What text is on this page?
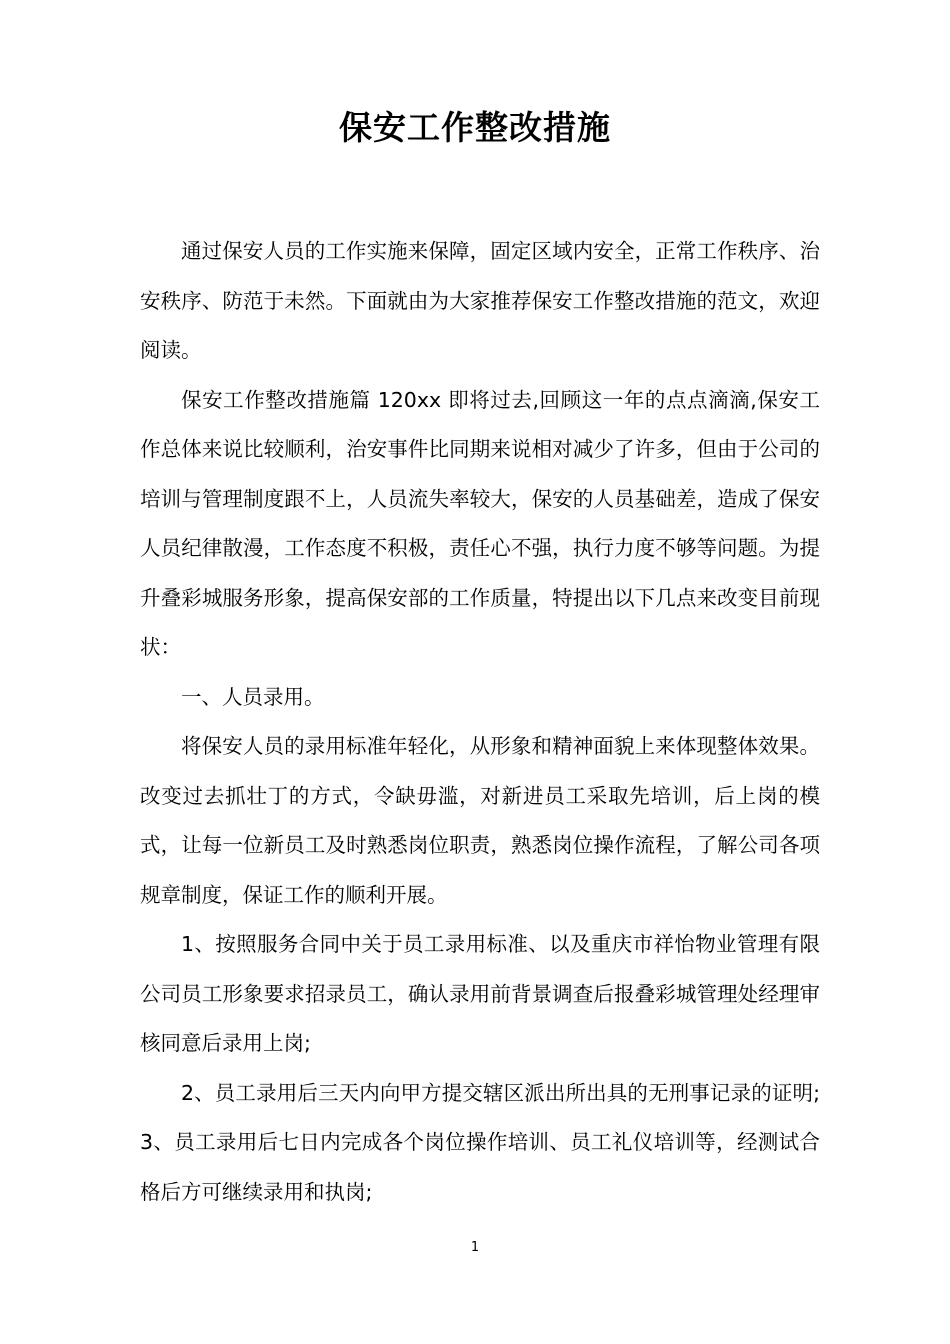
保安工作整改措施

通过保安人员的工作实施来保障，固定区域内安全，正常工作秩序、治安秩序、防范于未然。下面就由为大家推荐保安工作整改措施的范文，欢迎阅读。

保安工作整改措施篇 120xx 即将过去,回顾这一年的点点滴滴,保安工作总体来说比较顺利，治安事件比同期来说相对减少了许多，但由于公司的培训与管理制度跟不上，人员流失率较大，保安的人员基础差，造成了保安人员纪律散漫，工作态度不积极，责任心不强，执行力度不够等问题。为提升叠彩城服务形象，提高保安部的工作质量，特提出以下几点来改变目前现状：

一、人员录用。

将保安人员的录用标准年轻化，从形象和精神面貌上来体现整体效果。改变过去抓壮丁的方式，令缺毋滥，对新进员工采取先培训，后上岗的模式，让每一位新员工及时熟悉岗位职责，熟悉岗位操作流程，了解公司各项规章制度，保证工作的顺利开展。

1、按照服务合同中关于员工录用标准、以及重庆市祥怡物业管理有限公司员工形象要求招录员工，确认录用前背景调查后报叠彩城管理处经理审核同意后录用上岗;

2、员工录用后三天内向甲方提交辖区派出所出具的无刑事记录的证明;3、员工录用后七日内完成各个岗位操作培训、员工礼仪培训等，经测试合格后方可继续录用和执岗;

1
